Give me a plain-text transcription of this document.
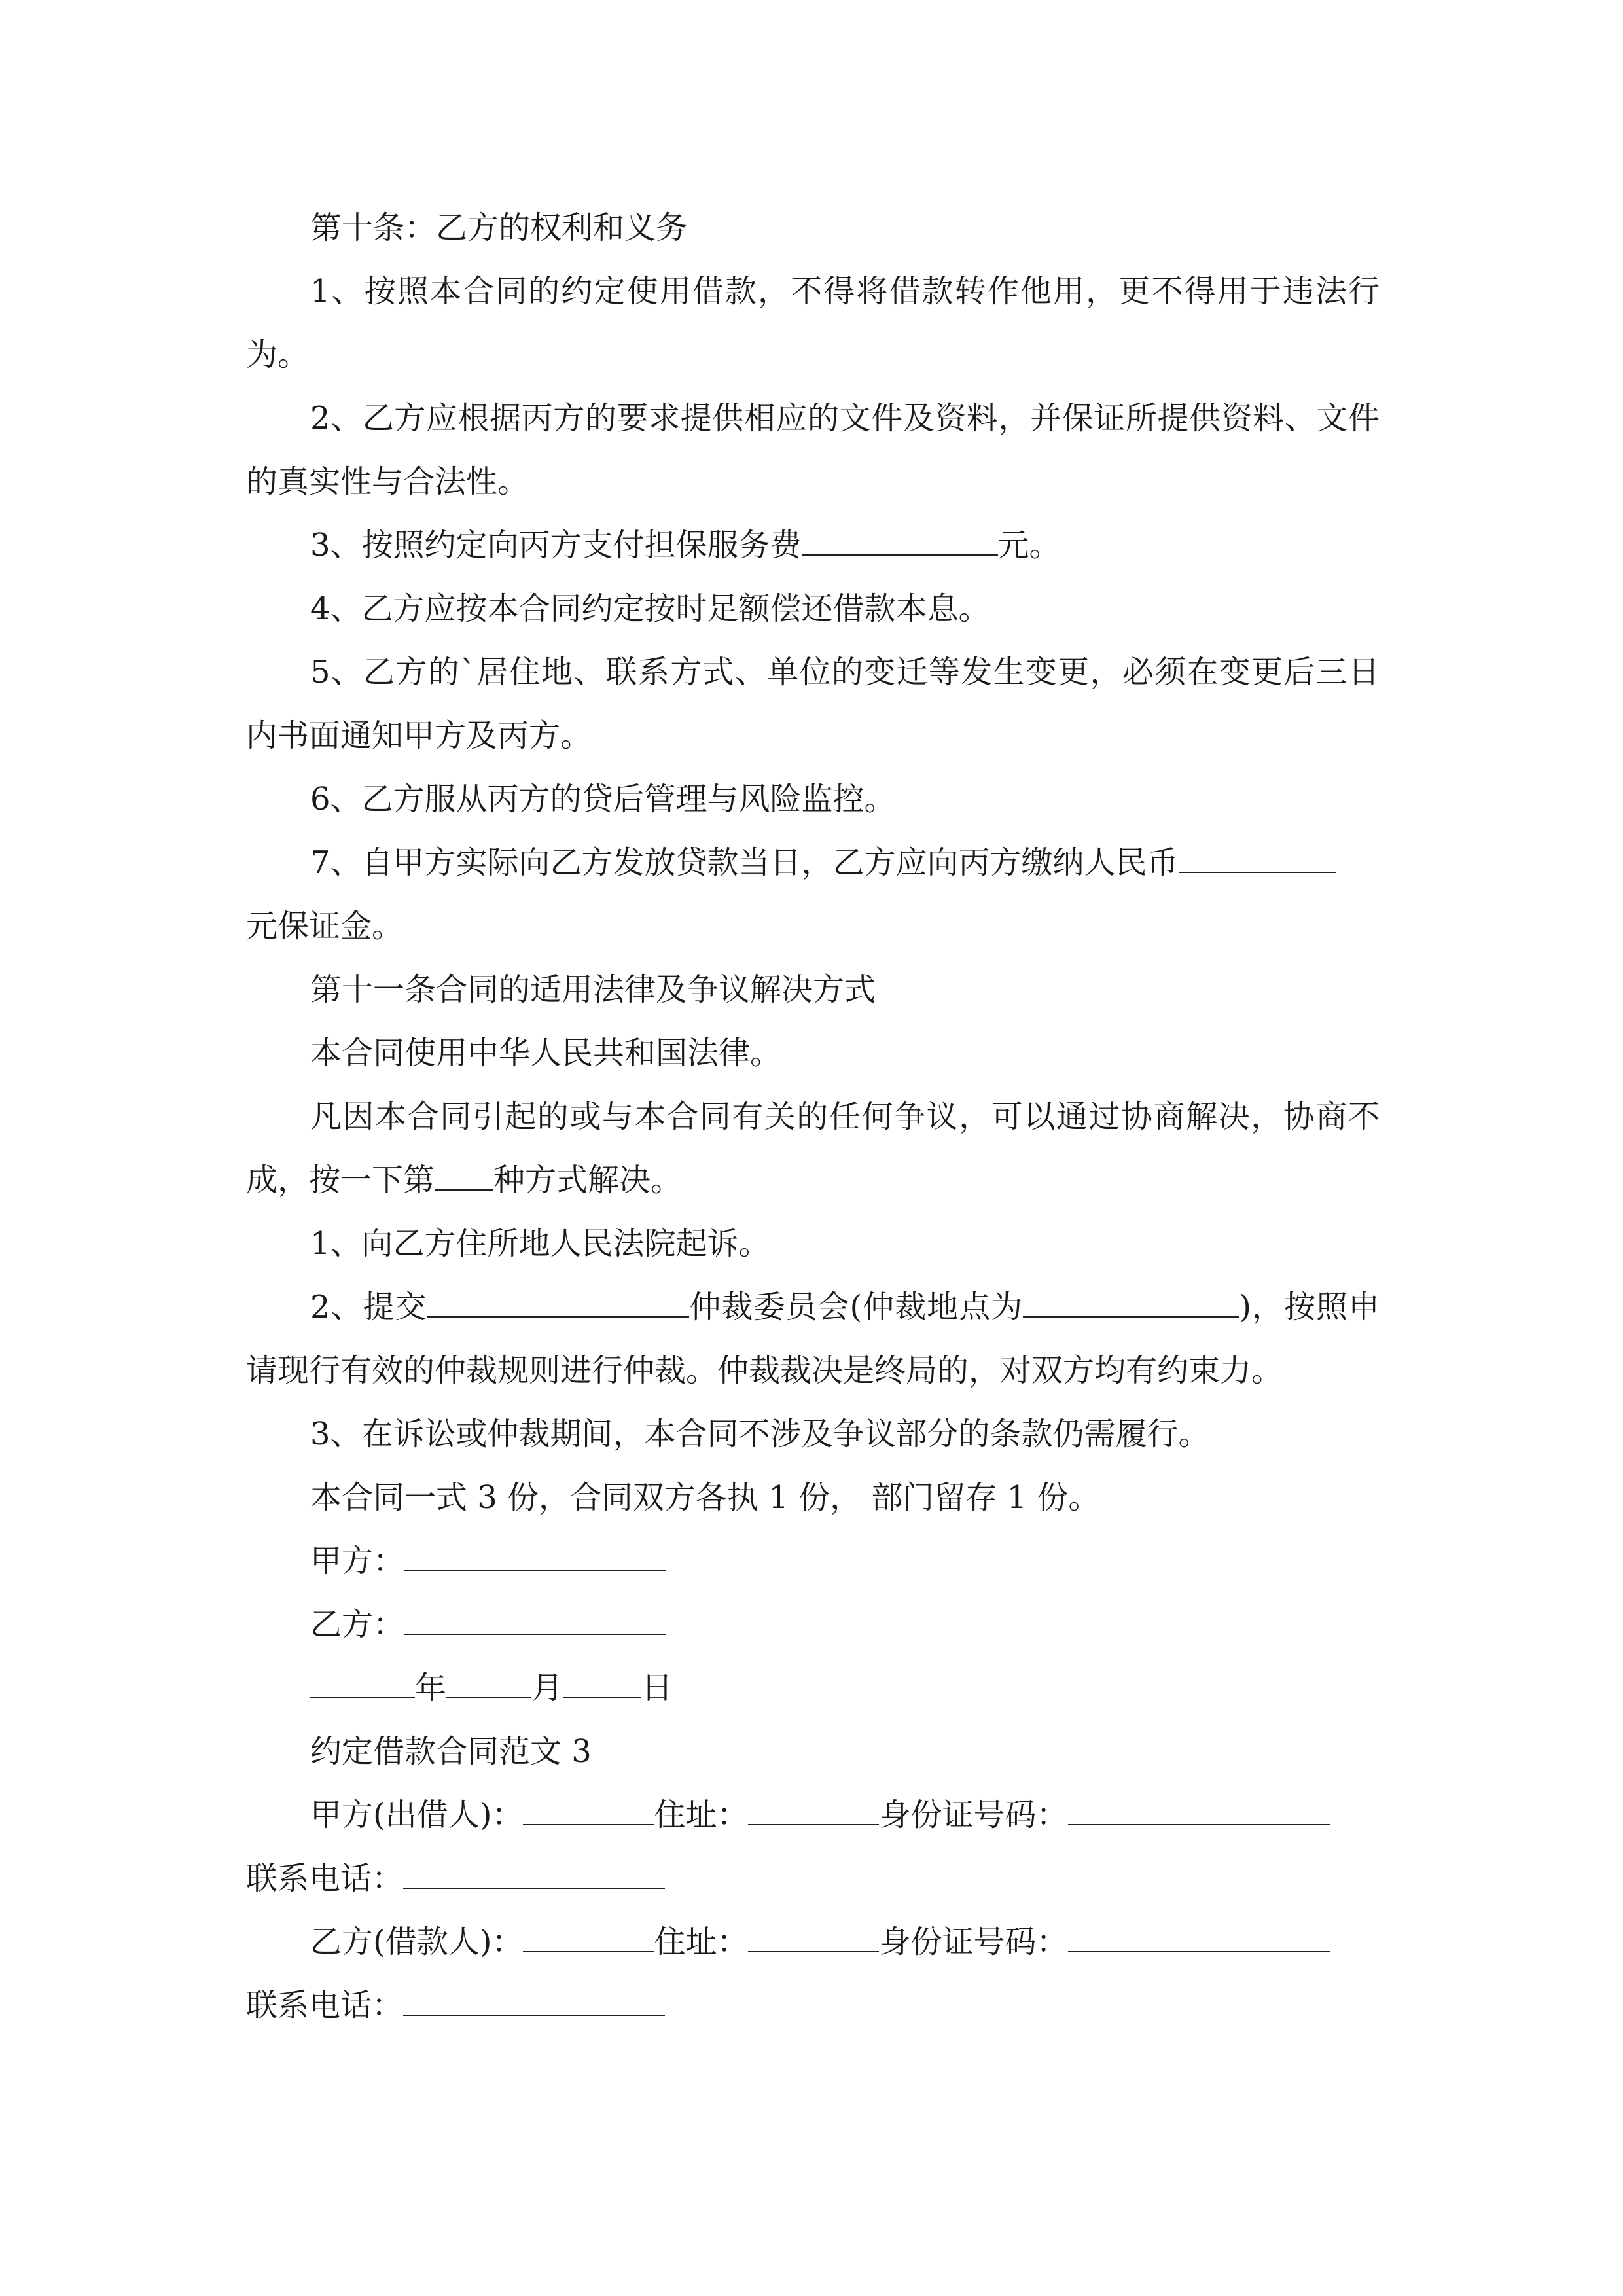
第十条：乙方的权利和义务

1、按照本合同的约定使用借款，不得将借款转作他用，更不得用于违法行为。

2、乙方应根据丙方的要求提供相应的文件及资料，并保证所提供资料、文件的真实性与合法性。

3、按照约定向丙方支付担保服务费	元。

4、乙方应按本合同约定按时足额偿还借款本息。

5、乙方的`居住地、联系方式、单位的变迁等发生变更，必须在变更后三日内书面通知甲方及丙方。

6、乙方服从丙方的贷后管理与风险监控。

7、自甲方实际向乙方发放贷款当日，乙方应向丙方缴纳人民币

元保证金。

第十一条合同的适用法律及争议解决方式

本合同使用中华人民共和国法律。

凡因本合同引起的或与本合同有关的任何争议，可以通过协商解决，协商不成，按一下第 种方式解决。

1、向乙方住所地人民法院起诉。

2、提交	仲裁委员会(仲裁地点为	)，按照申请现行有效的仲裁规则进行仲裁。仲裁裁决是终局的，对双方均有约束力。

3、在诉讼或仲裁期间，本合同不涉及争议部分的条款仍需履行。

本合同一式 3 份，合同双方各执 1 份， 部门留存 1 份。

甲方：

乙方：

年	月	日

约定借款合同范文 3

甲方(出借人)：	住址：	身份证号码：

联系电话：

乙方(借款人)：	住址：	身份证号码：

联系电话：
